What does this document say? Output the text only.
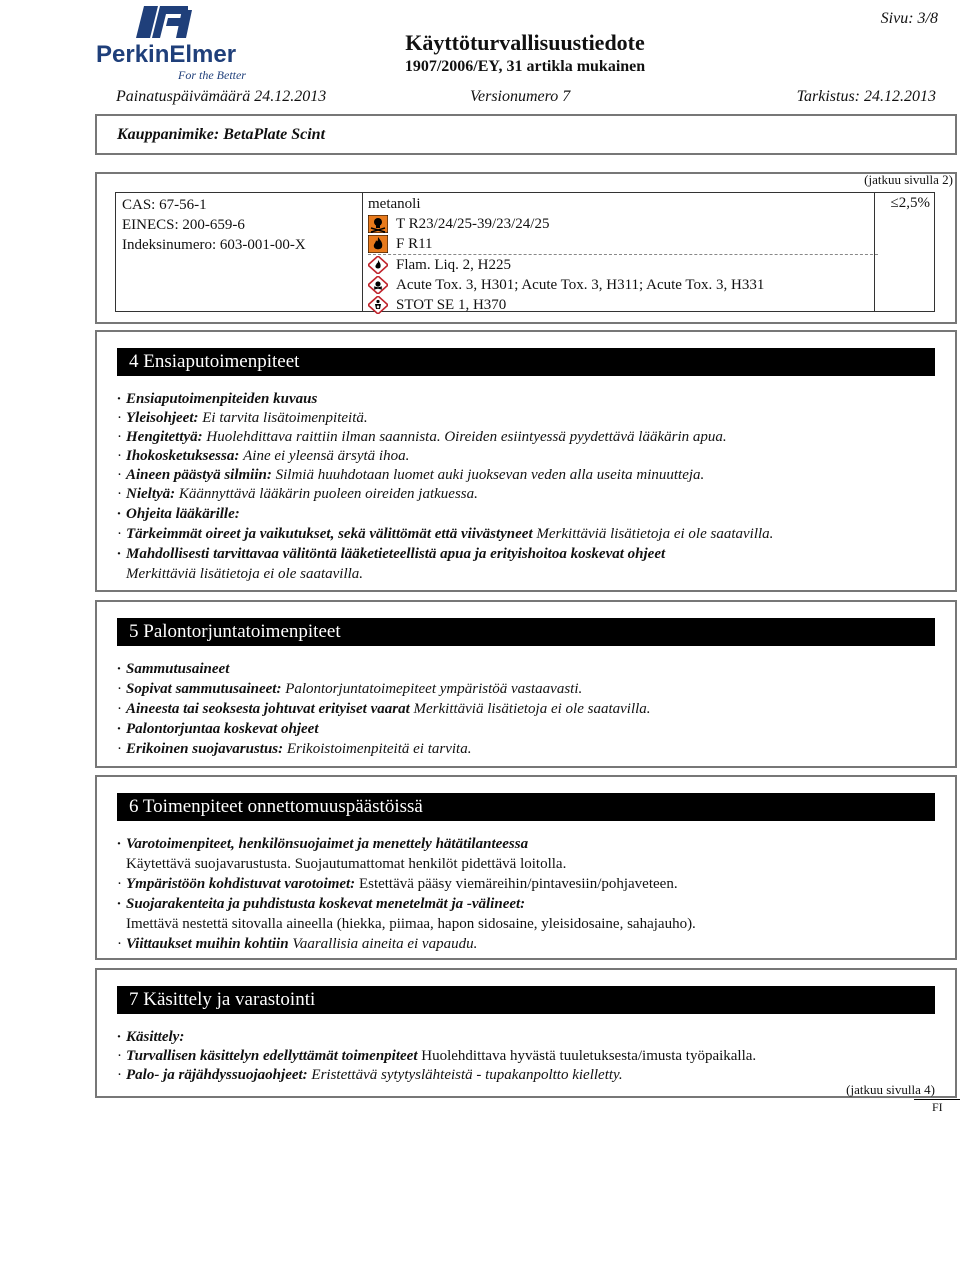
PerkinElmer
For the Better
Käyttöturvallisuustiedote
1907/2006/EY, 31 artikla mukainen
Sivu: 3/8
Painatuspäivämäärä 24.12.2013	Versionumero 7	Tarkistus: 24.12.2013
Kauppanimike: BetaPlate Scint
(jatkuu sivulla 2)
CAS: 67-56-1
EINECS: 200-659-6
Indeksinumero: 603-001-00-X
metanoli
T R23/24/25-39/23/24/25
F R11
Flam. Liq. 2, H225
Acute Tox. 3, H301; Acute Tox. 3, H311; Acute Tox. 3, H331
STOT SE 1, H370
≤2,5%
4 Ensiaputoimenpiteet
· Ensiaputoimenpiteiden kuvaus
· Yleisohjeet: Ei tarvita lisätoimenpiteitä.
· Hengitettyä: Huolehdittava raittiin ilman saannista. Oireiden esiintyessä pyydettävä lääkärin apua.
· Ihokosketuksessa: Aine ei yleensä ärsytä ihoa.
· Aineen päästyä silmiin: Silmiä huuhdotaan luomet auki juoksevan veden alla useita minuutteja.
· Nieltyä: Käännyttävä lääkärin puoleen oireiden jatkuessa.
· Ohjeita lääkärille:
· Tärkeimmät oireet ja vaikutukset, sekä välittömät että viivästyneet Merkittäviä lisätietoja ei ole saatavilla.
· Mahdollisesti tarvittavaa välitöntä lääketieteellistä apua ja erityishoitoa koskevat ohjeet
Merkittäviä lisätietoja ei ole saatavilla.
5 Palontorjuntatoimenpiteet
· Sammutusaineet
· Sopivat sammutusaineet: Palontorjuntatoimepiteet ympäristöä vastaavasti.
· Aineesta tai seoksesta johtuvat erityiset vaarat Merkittäviä lisätietoja ei ole saatavilla.
· Palontorjuntaa koskevat ohjeet
· Erikoinen suojavarustus: Erikoistoimenpiteitä ei tarvita.
6 Toimenpiteet onnettomuuspäästöissä
· Varotoimenpiteet, henkilönsuojaimet ja menettely hätätilanteessa
Käytettävä suojavarustusta. Suojautumattomat henkilöt pidettävä loitolla.
· Ympäristöön kohdistuvat varotoimet: Estettävä pääsy viemäreihin/pintavesiin/pohjaveteen.
· Suojarakenteita ja puhdistusta koskevat menetelmät ja -välineet:
Imettävä nestettä sitovalla aineella (hiekka, piimaa, hapon sidosaine, yleisidosaine, sahajauho).
· Viittaukset muihin kohtiin Vaarallisia aineita ei vapaudu.
7 Käsittely ja varastointi
· Käsittely:
· Turvallisen käsittelyn edellyttämät toimenpiteet Huolehdittava hyvästä tuuletuksesta/imusta työpaikalla.
· Palo- ja räjähdyssuojaohjeet: Eristettävä sytytyslähteistä - tupakanpoltto kielletty.
(jatkuu sivulla 4)
FI
